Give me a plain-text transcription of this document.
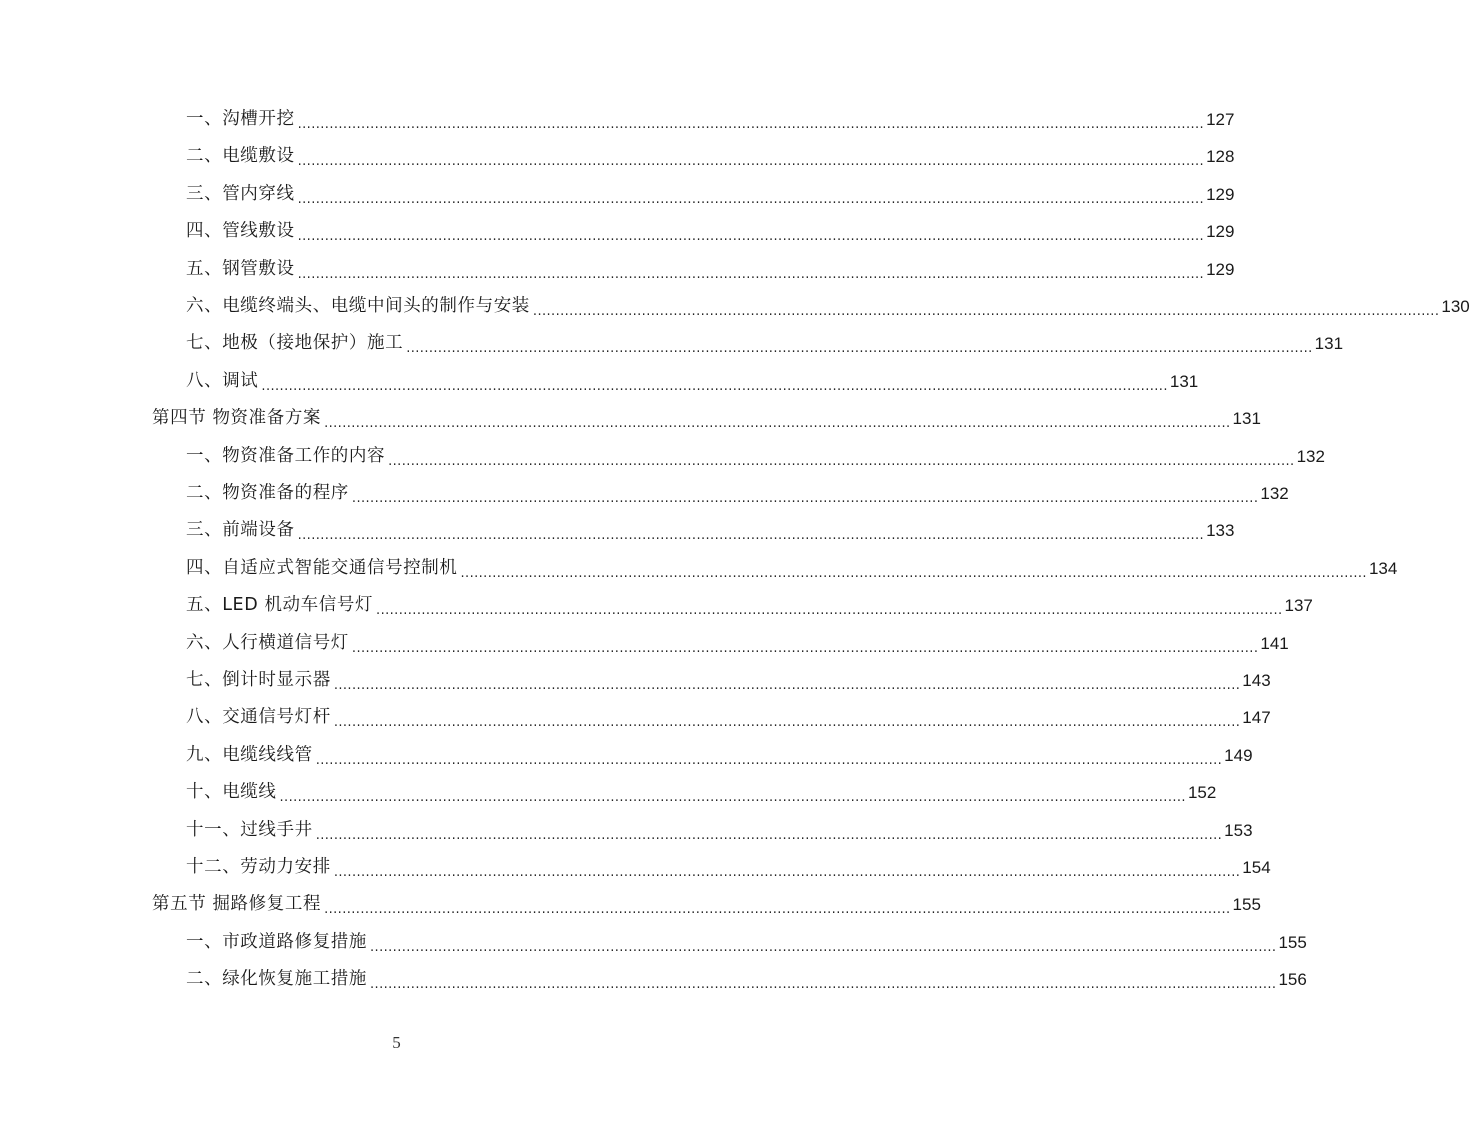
一、沟槽开挖 ........................................................................................................................................................................................................ 127
二、电缆敷设 ........................................................................................................................................................................................................ 128
三、管内穿线 ........................................................................................................................................................................................................ 129
四、管线敷设 ........................................................................................................................................................................................................ 129
五、钢管敷设 ........................................................................................................................................................................................................ 129
六、电缆终端头、电缆中间头的制作与安装 ........................................................................................................................................................................................................ 130
七、地极（接地保护）施工 ........................................................................................................................................................................................................ 131
八、调试 ........................................................................................................................................................................................................ 131
第四节 物资准备方案 ........................................................................................................................................................................................................ 131
一、物资准备工作的内容 ........................................................................................................................................................................................................ 132
二、物资准备的程序 ........................................................................................................................................................................................................ 132
三、前端设备 ........................................................................................................................................................................................................ 133
四、自适应式智能交通信号控制机 ........................................................................................................................................................................................................ 134
五、LED 机动车信号灯 ........................................................................................................................................................................................................ 137
六、人行横道信号灯 ........................................................................................................................................................................................................ 141
七、倒计时显示器 ........................................................................................................................................................................................................ 143
八、交通信号灯杆 ........................................................................................................................................................................................................ 147
九、电缆线线管 ........................................................................................................................................................................................................ 149
十、电缆线 ........................................................................................................................................................................................................ 152
十一、过线手井 ........................................................................................................................................................................................................ 153
十二、劳动力安排 ........................................................................................................................................................................................................ 154
第五节 掘路修复工程 ........................................................................................................................................................................................................ 155
一、市政道路修复措施 ........................................................................................................................................................................................................ 155
二、绿化恢复施工措施 ........................................................................................................................................................................................................ 156
5
